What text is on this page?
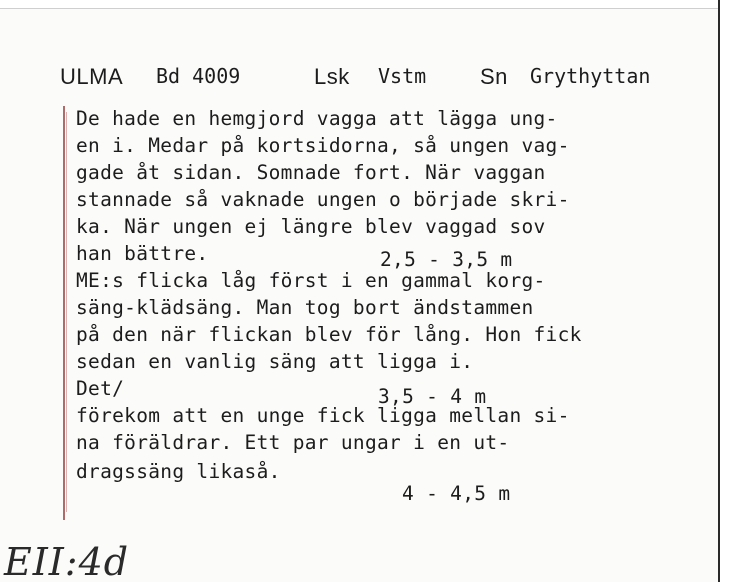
ULMA Bd 4009	Lsk Vstm Sn Grythyttan
De hade en hemgjord vagga att lägga ung-
en i. Medar på kortsidorna, så ungen vag-
gade åt sidan. Somnade fort. När vaggan
stannade så vaknade ungen o började skri-
ka. När ungen ej längre blev vaggad sov
han bättre.	2,5 - 3,5 m
ME:s flicka låg först i en gammal korg-
säng-klädsäng. Man tog bort ändstammen
på den när flickan blev för lång. Hon fick
sedan en vanlig säng att ligga i.
Det/	3,5 - 4 m
förekom att en unge fick ligga mellan si-
na föräldrar. Ett par ungar i en ut-
dragssäng likaså.
4 - 4,5 m
EII:4d
